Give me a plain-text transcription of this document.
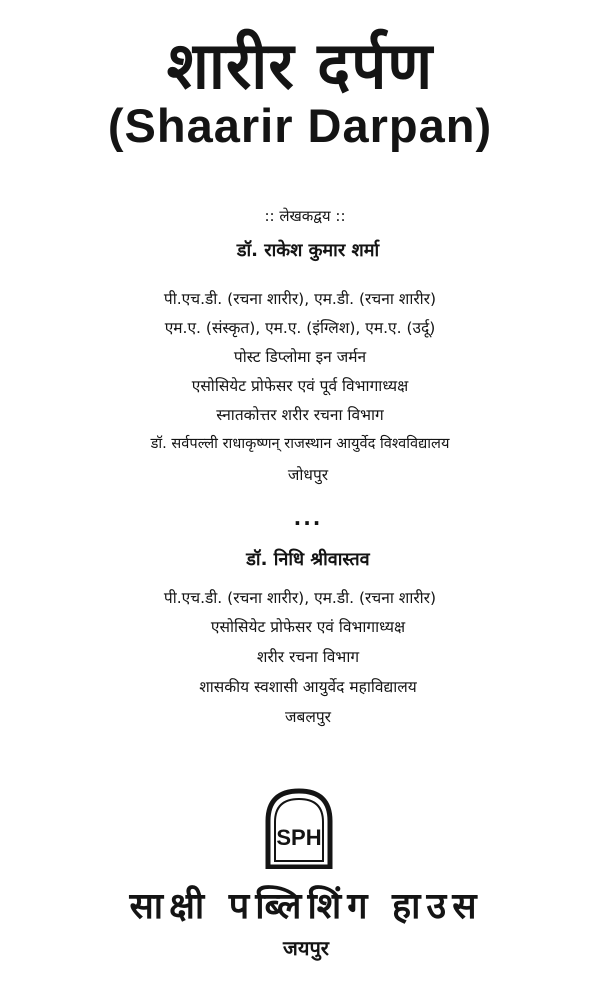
शारीर दर्पण
(Shaarir Darpan)
:: लेखकद्वय ::
डॉ. राकेश कुमार शर्मा
पी.एच.डी. (रचना शारीर), एम.डी. (रचना शारीर)
एम.ए. (संस्कृत), एम.ए. (इंग्लिश), एम.ए. (उर्दू)
पोस्ट डिप्लोमा इन जर्मन
एसोसियेट प्रोफेसर एवं पूर्व विभागाध्यक्ष
स्नातकोत्तर शरीर रचना विभाग
डॉ. सर्वपल्ली राधाकृष्णन् राजस्थान आयुर्वेद विश्वविद्यालय
जोधपुर
...
डॉ. निधि श्रीवास्तव
पी.एच.डी. (रचना शारीर), एम.डी. (रचना शारीर)
एसोसियेट प्रोफेसर एवं विभागाध्यक्ष
शरीर रचना विभाग
शासकीय स्वशासी आयुर्वेद महाविद्यालय
जबलपुर
SPH
साक्षी पब्लिशिंग हाउस
जयपुर
